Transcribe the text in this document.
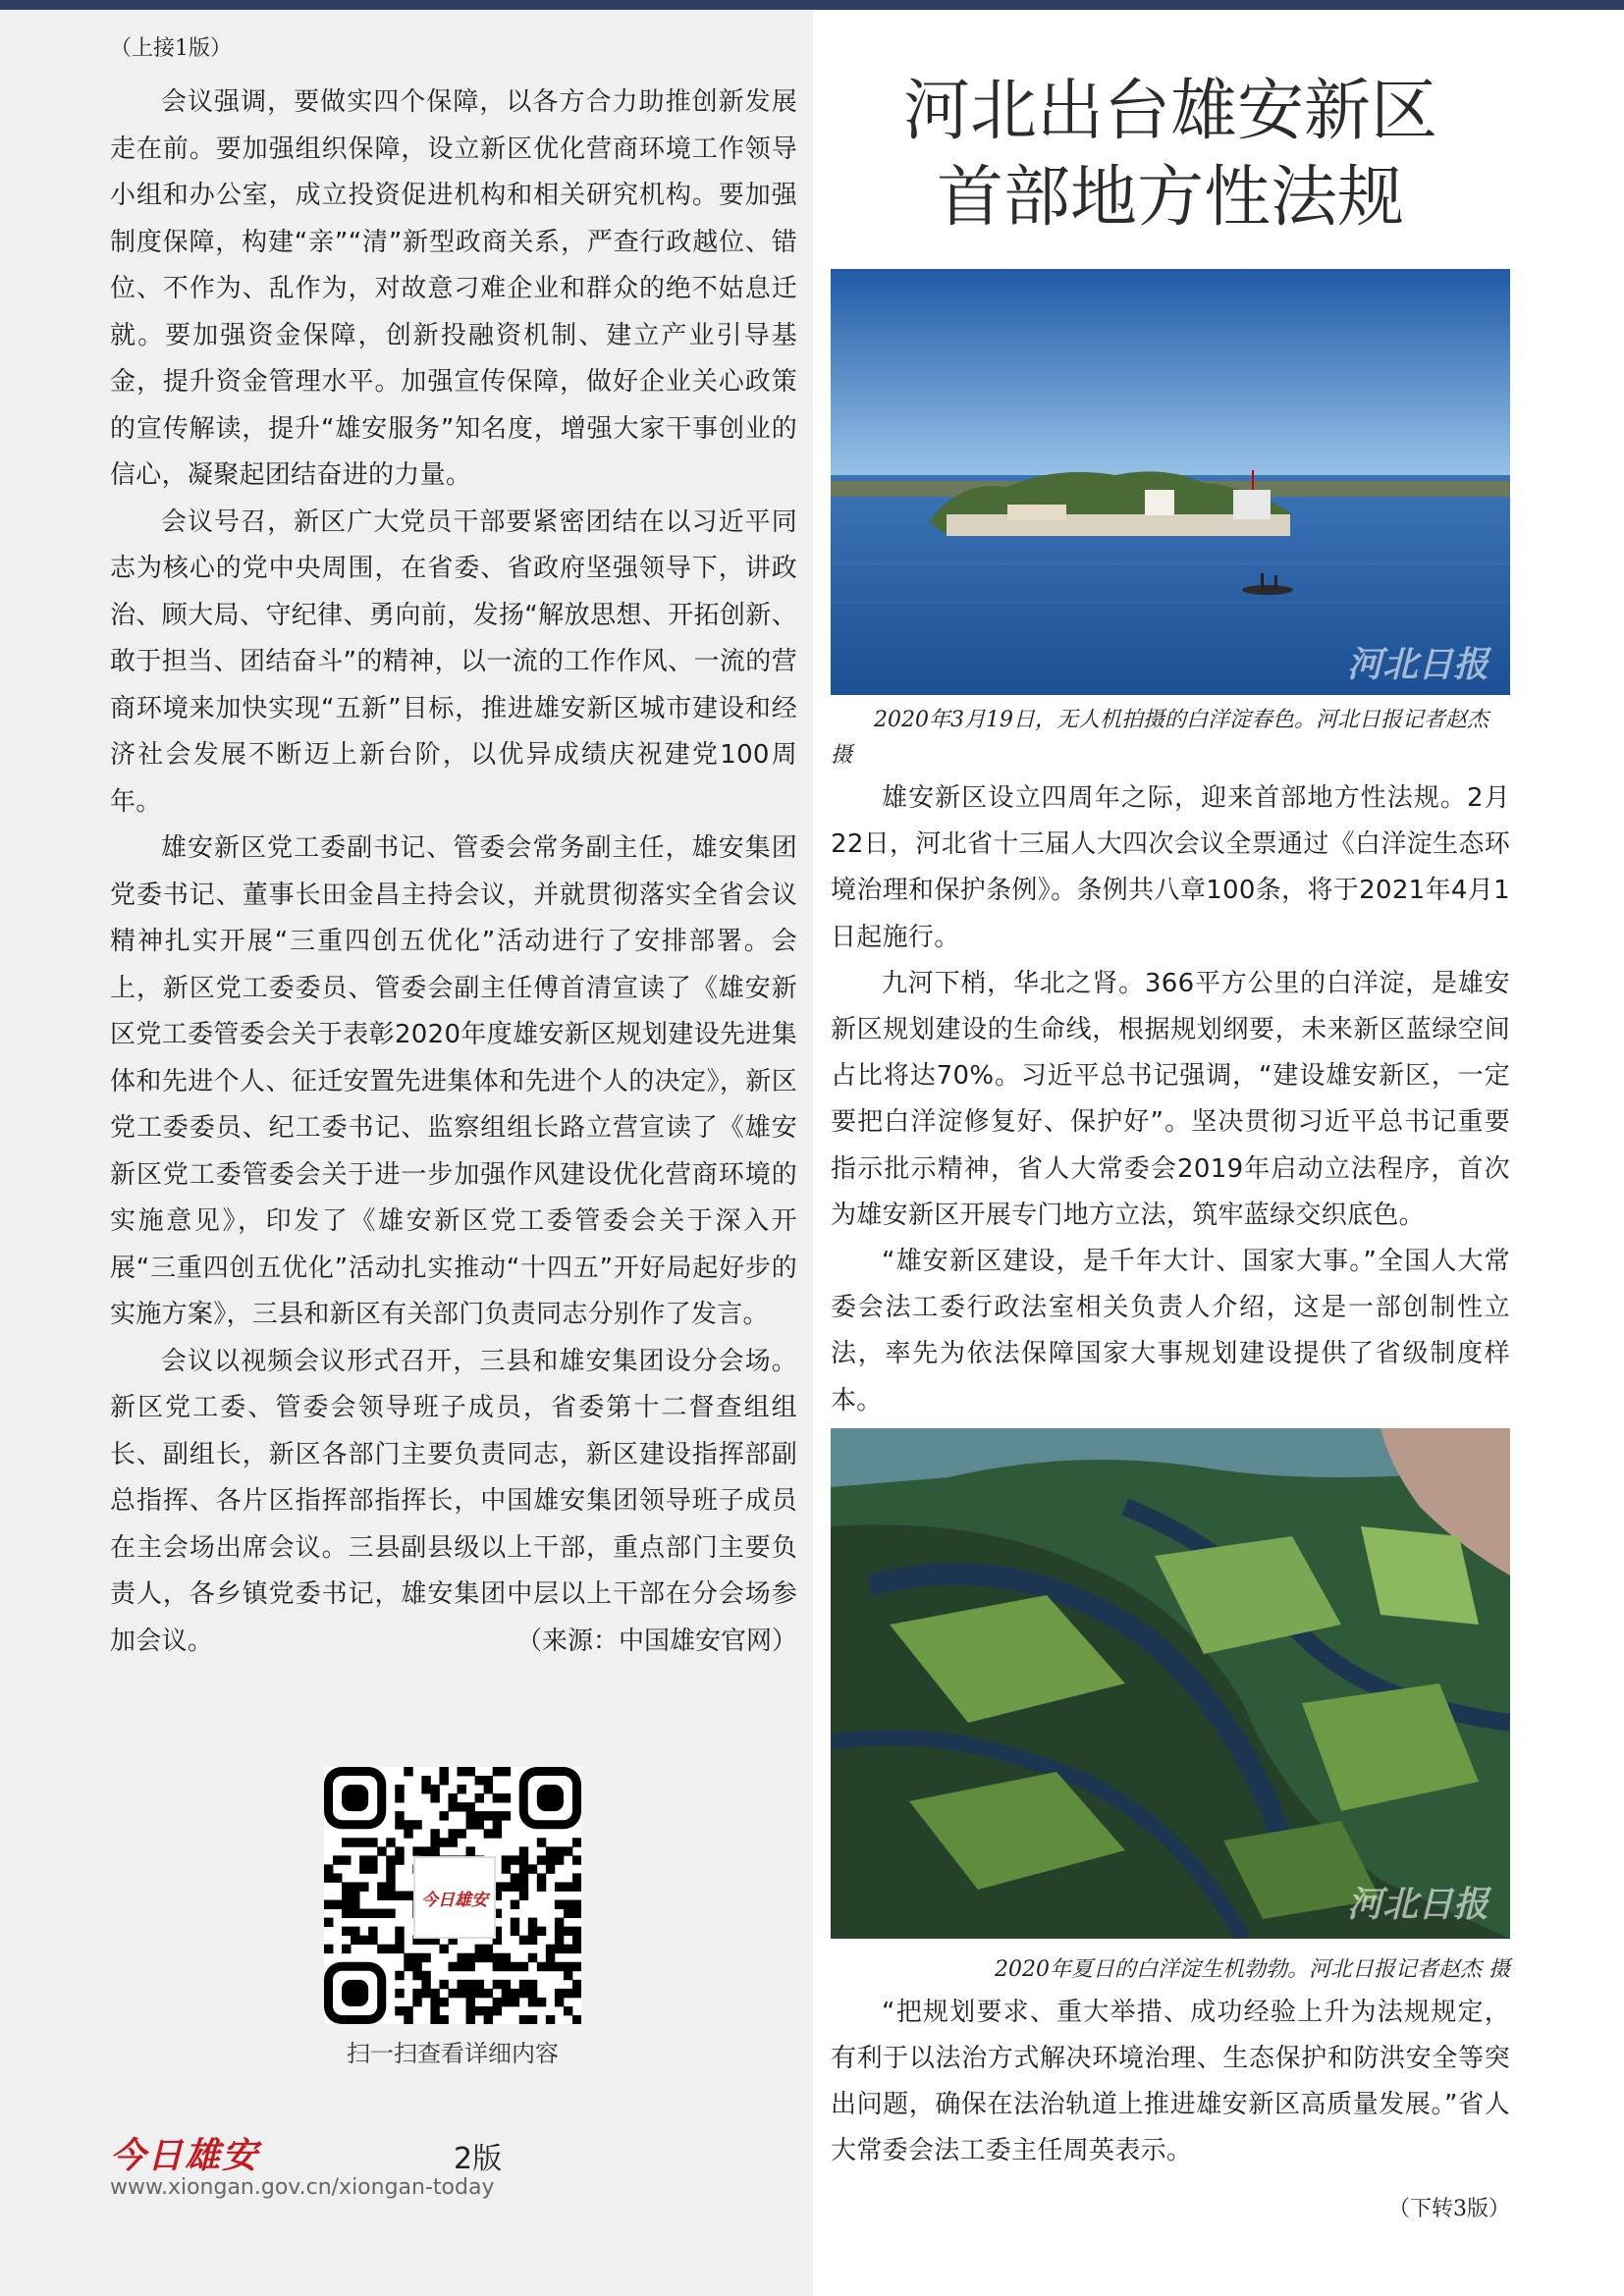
（上接1版）

会议强调，要做实四个保障，以各方合力助推创新发展走在前。要加强组织保障，设立新区优化营商环境工作领导小组和办公室，成立投资促进机构和相关研究机构。要加强制度保障，构建“亲”“清”新型政商关系，严查行政越位、错位、不作为、乱作为，对故意刁难企业和群众的绝不姑息迁就。要加强资金保障，创新投融资机制、建立产业引导基金，提升资金管理水平。加强宣传保障，做好企业关心政策的宣传解读，提升“雄安服务”知名度，增强大家干事创业的信心，凝聚起团结奋进的力量。

会议号召，新区广大党员干部要紧密团结在以习近平同志为核心的党中央周围，在省委、省政府坚强领导下，讲政治、顾大局、守纪律、勇向前，发扬“解放思想、开拓创新、敢于担当、团结奋斗”的精神，以一流的工作作风、一流的营商环境来加快实现“五新”目标，推进雄安新区城市建设和经济社会发展不断迈上新台阶，以优异成绩庆祝建党100周年。

雄安新区党工委副书记、管委会常务副主任，雄安集团党委书记、董事长田金昌主持会议，并就贯彻落实全省会议精神扎实开展“三重四创五优化”活动进行了安排部署。会上，新区党工委委员、管委会副主任傅首清宣读了《雄安新区党工委管委会关于表彰2020年度雄安新区规划建设先进集体和先进个人、征迁安置先进集体和先进个人的决定》，新区党工委委员、纪工委书记、监察组组长路立营宣读了《雄安新区党工委管委会关于进一步加强作风建设优化营商环境的实施意见》，印发了《雄安新区党工委管委会关于深入开展“三重四创五优化”活动扎实推动“十四五”开好局起好步的实施方案》，三县和新区有关部门负责同志分别作了发言。

会议以视频会议形式召开，三县和雄安集团设分会场。新区党工委、管委会领导班子成员，省委第十二督查组组长、副组长，新区各部门主要负责同志，新区建设指挥部副总指挥、各片区指挥部指挥长，中国雄安集团领导班子成员在主会场出席会议。三县副县级以上干部，重点部门主要负责人，各乡镇党委书记，雄安集团中层以上干部在分会场参加会议。	（来源：中国雄安官网）
今日雄安
扫一扫查看详细内容
今日雄安	2版
www.xiongan.gov.cn/xiongan-today
河北出台雄安新区
首部地方性法规
河北日报
2020年3月19日，无人机拍摄的白洋淀春色。河北日报记者赵杰 摄

雄安新区设立四周年之际，迎来首部地方性法规。2月22日，河北省十三届人大四次会议全票通过《白洋淀生态环境治理和保护条例》。条例共八章100条，将于2021年4月1日起施行。

九河下梢，华北之肾。366平方公里的白洋淀，是雄安新区规划建设的生命线，根据规划纲要，未来新区蓝绿空间占比将达70%。习近平总书记强调，“建设雄安新区，一定要把白洋淀修复好、保护好”。坚决贯彻习近平总书记重要指示批示精神，省人大常委会2019年启动立法程序，首次为雄安新区开展专门地方立法，筑牢蓝绿交织底色。

“雄安新区建设，是千年大计、国家大事。”全国人大常委会法工委行政法室相关负责人介绍，这是一部创制性立法，率先为依法保障国家大事规划建设提供了省级制度样本。

河北日报
2020年夏日的白洋淀生机勃勃。河北日报记者赵杰 摄

“把规划要求、重大举措、成功经验上升为法规规定，有利于以法治方式解决环境治理、生态保护和防洪安全等突出问题，确保在法治轨道上推进雄安新区高质量发展。”省人大常委会法工委主任周英表示。

（下转3版）
